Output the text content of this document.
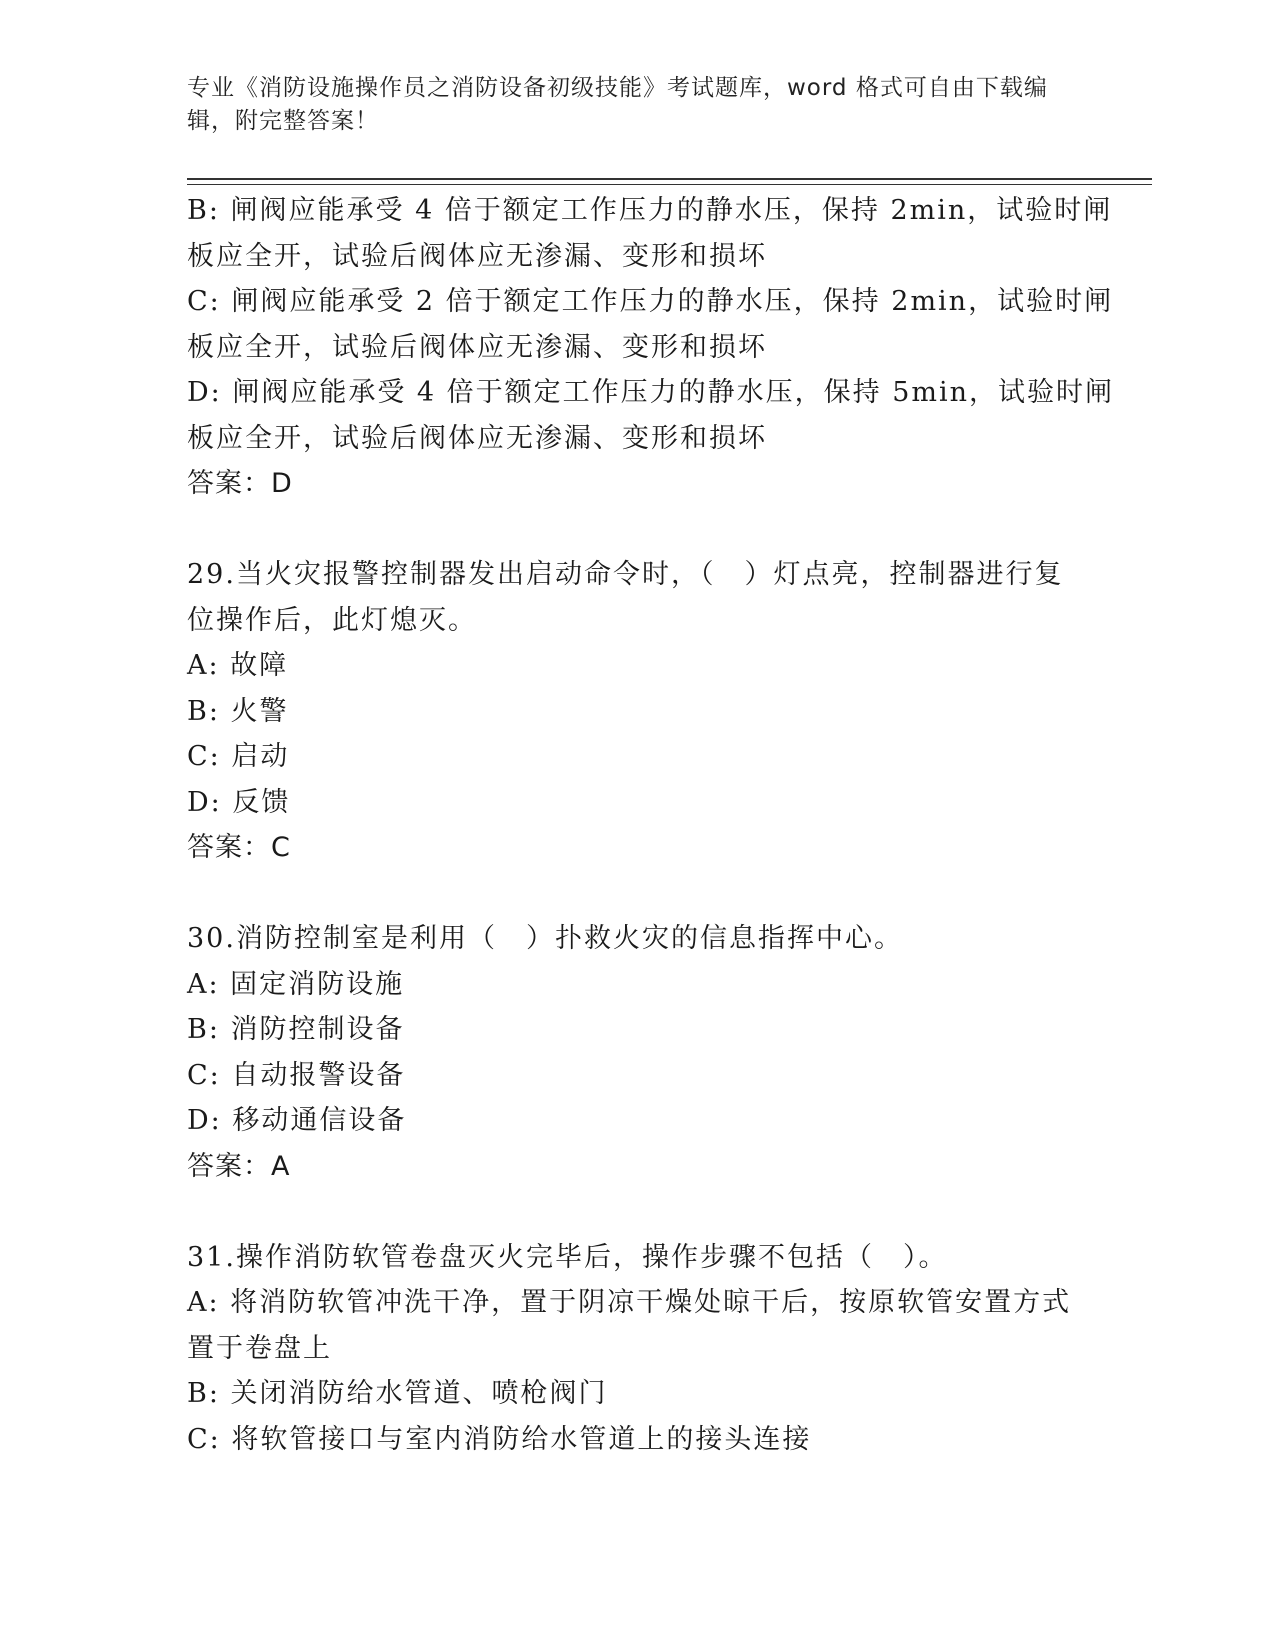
专业《消防设施操作员之消防设备初级技能》考试题库，word 格式可自由下载编
辑，附完整答案！
B: 闸阀应能承受 4 倍于额定工作压力的静水压，保持 2min，试验时闸
板应全开，试验后阀体应无渗漏、变形和损坏
C: 闸阀应能承受 2 倍于额定工作压力的静水压，保持 2min，试验时闸
板应全开，试验后阀体应无渗漏、变形和损坏
D: 闸阀应能承受 4 倍于额定工作压力的静水压，保持 5min，试验时闸
板应全开，试验后阀体应无渗漏、变形和损坏
答案：D
29.当火灾报警控制器发出启动命令时，（　）灯点亮，控制器进行复
位操作后，此灯熄灭。
A: 故障
B: 火警
C: 启动
D: 反馈
答案：C
30.消防控制室是利用（　）扑救火灾的信息指挥中心。
A: 固定消防设施
B: 消防控制设备
C: 自动报警设备
D: 移动通信设备
答案：A
31.操作消防软管卷盘灭火完毕后，操作步骤不包括（　）。
A: 将消防软管冲洗干净，置于阴凉干燥处晾干后，按原软管安置方式
置于卷盘上
B: 关闭消防给水管道、喷枪阀门
C: 将软管接口与室内消防给水管道上的接头连接
